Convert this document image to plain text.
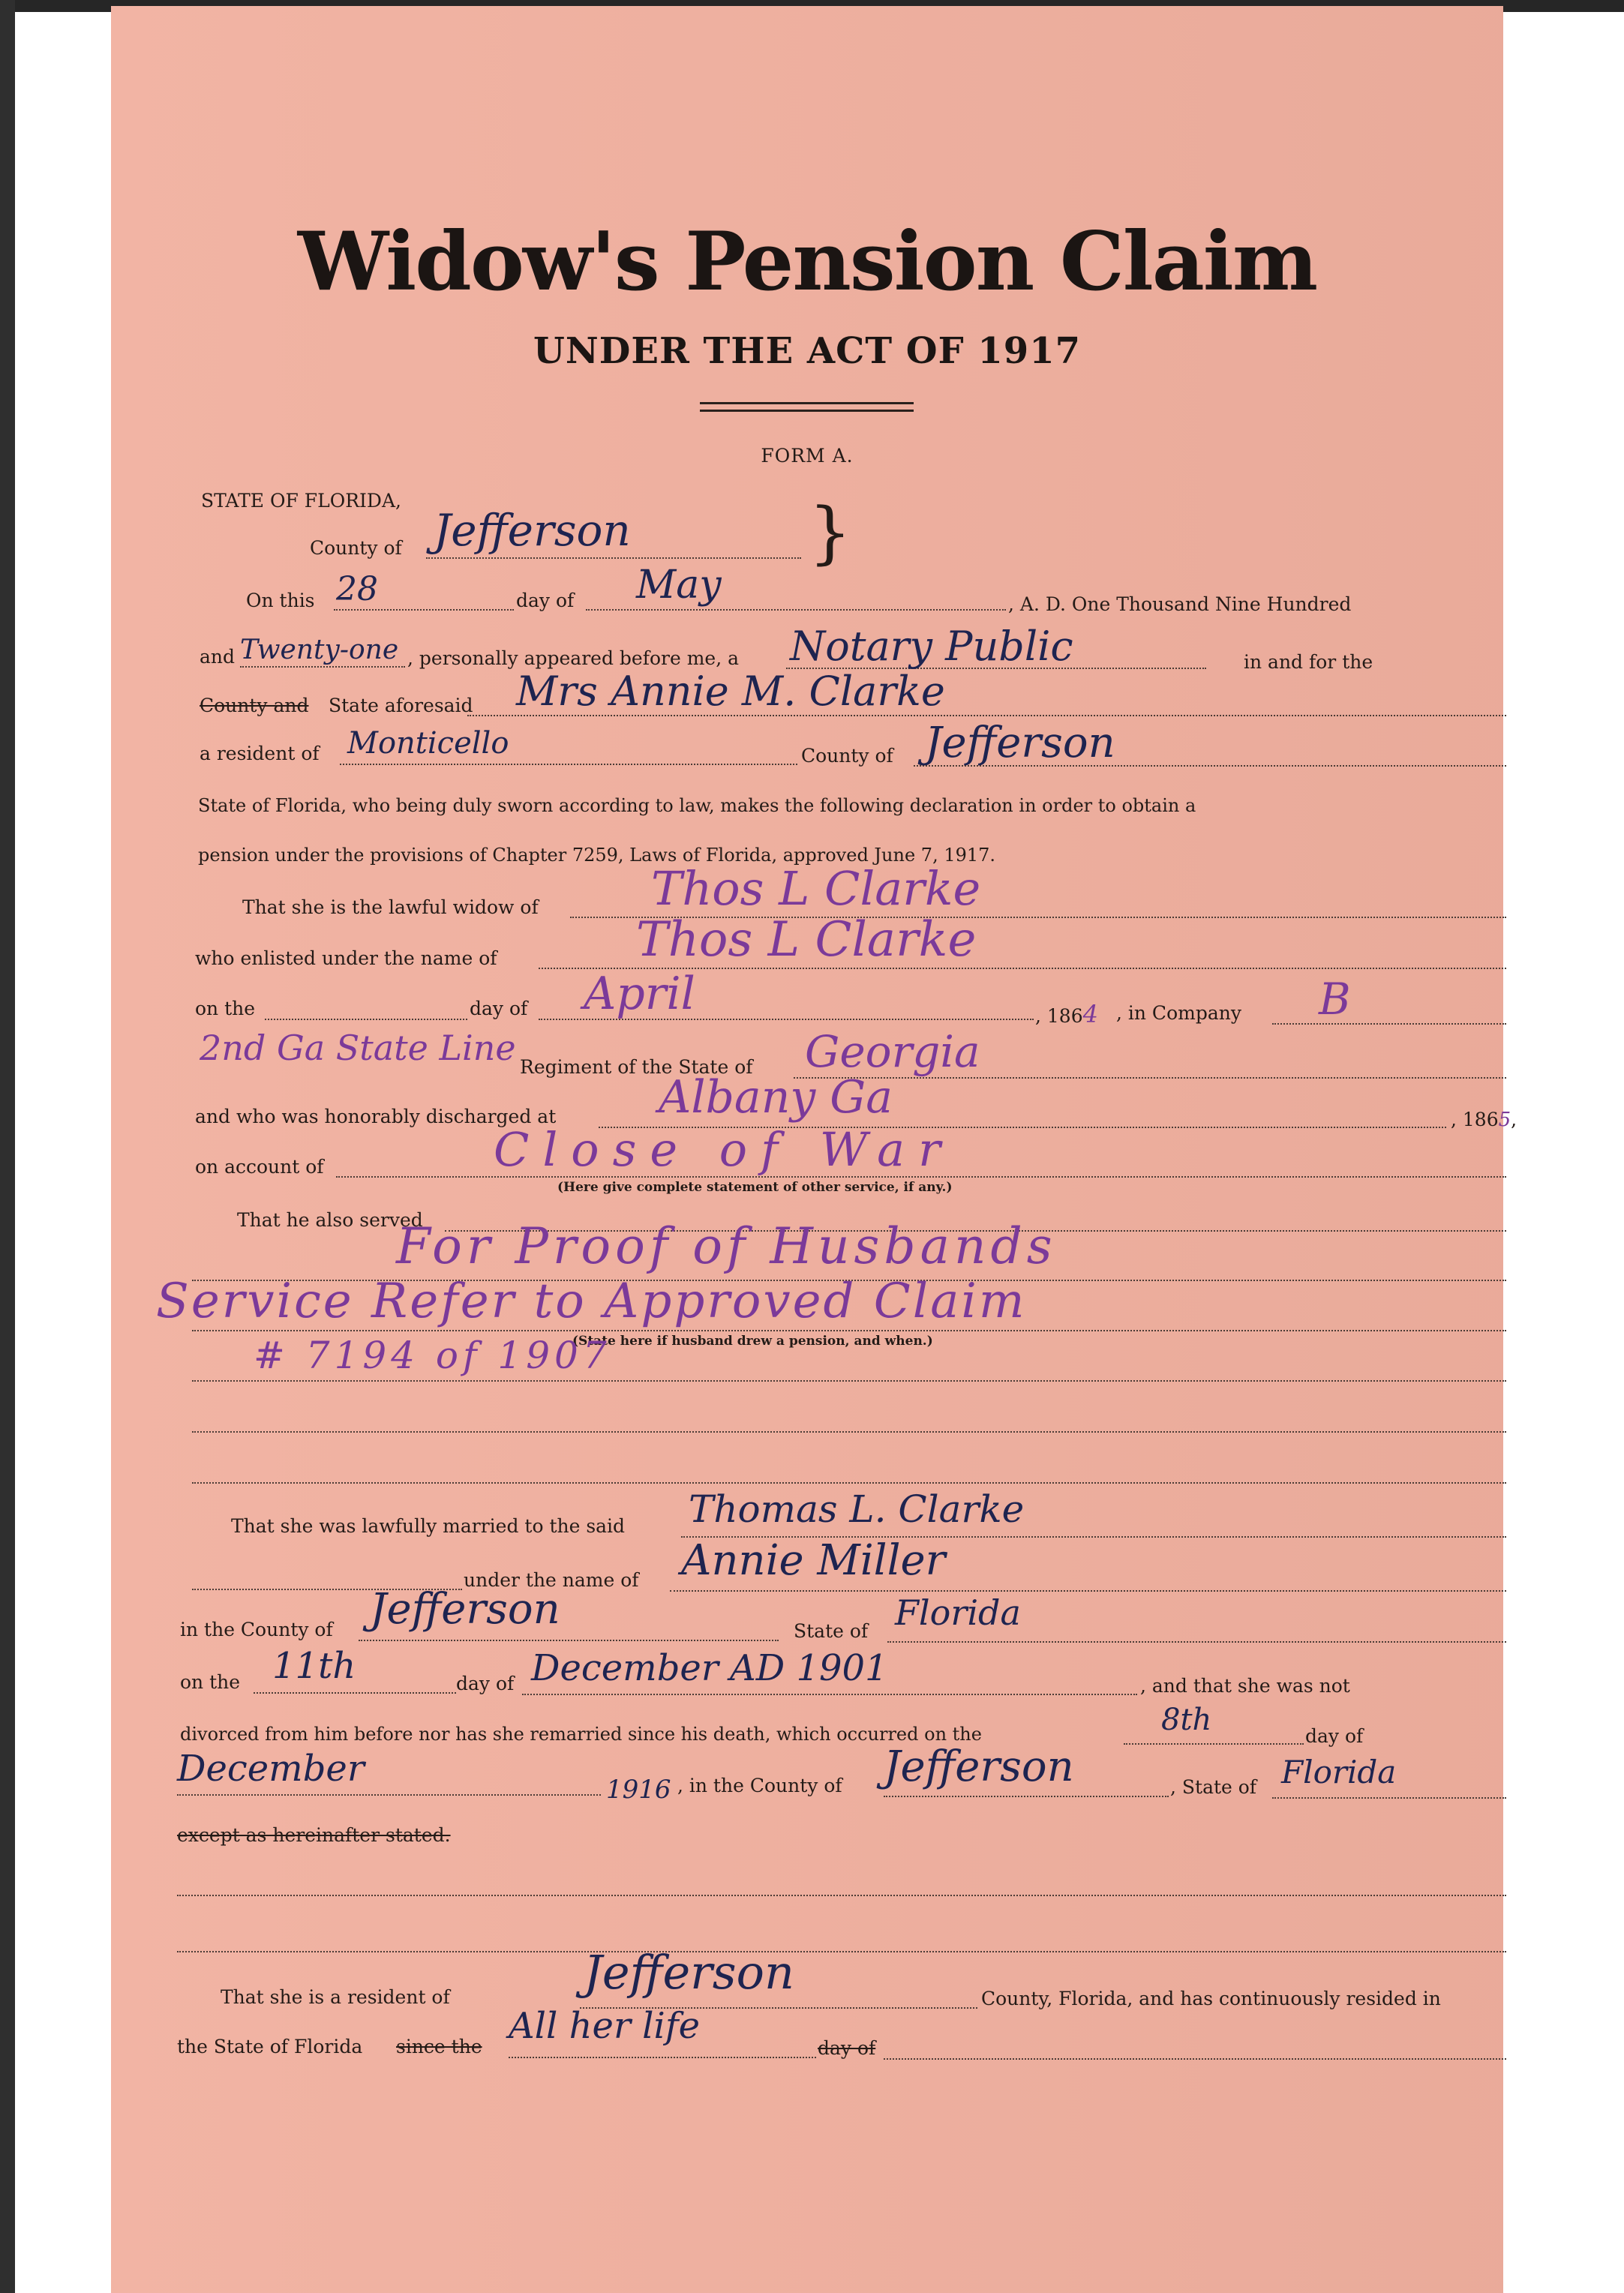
Widow's Pension Claim
UNDER THE ACT OF 1917
FORM A.
STATE OF FLORIDA,
County of Jefferson	}
On this 28	day of May	, A. D. One Thousand Nine Hundred
and Twenty-one , personally appeared before me, a Notary Public	in and for the
County and State aforesaid Mrs Annie M. Clarke
a resident of Monticello	County of Jefferson
State of Florida, who being duly sworn according to law, makes the following declaration in order to obtain a
pension under the provisions of Chapter 7259, Laws of Florida, approved June 7, 1917.
That she is the lawful widow of Thos L Clarke
who enlisted under the name of	Thos L Clarke
on the	day of April	, 1864 , in Company B
2nd Ga State Line Regiment of the State of Georgia
and who was honorably discharged at Albany Ga	, 1865,
on account of	Close of War
(Here give complete statement of other service, if any.)
That he also served
For Proof of Husbands
Service Refer to Approved Claim
(State here if husband drew a pension, and when.)
# 7194 of 1907
That she was lawfully married to the said Thomas L. Clarke
under the name of Annie Miller
in the County of Jefferson	State of Florida
on the 11th	day of December AD 1901	, and that she was not
divorced from him before nor has she remarried since his death, which occurred on the	8th	day of
December	1916 , in the County of Jefferson	, State of Florida
except as hereinafter stated.
That she is a resident of	Jefferson	County, Florida, and has continuously resided in
the State of Florida since the All her life
day of
